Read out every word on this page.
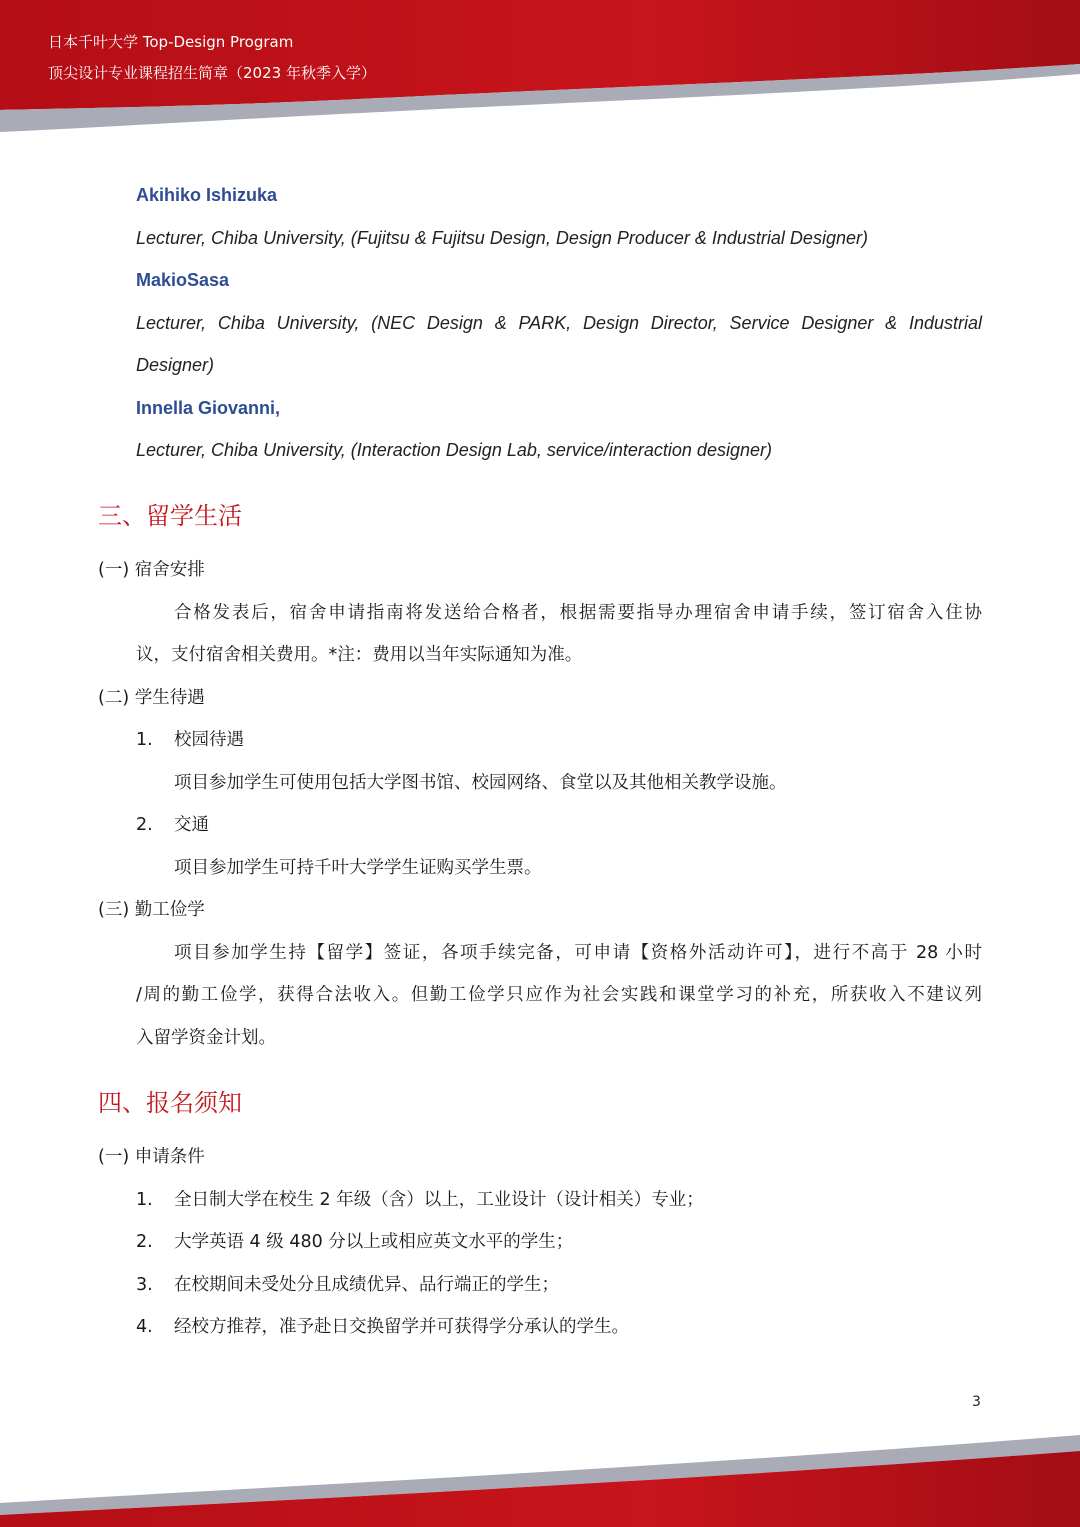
日本千叶大学 Top-Design Program
顶尖设计专业课程招生简章（2023 年秋季入学）
Akihiko Ishizuka
Lecturer, Chiba University, (Fujitsu & Fujitsu Design, Design Producer & Industrial Designer)
MakioSasa
Lecturer, Chiba University, (NEC Design & PARK, Design Director, Service Designer & Industrial
Designer)
Innella Giovanni,
Lecturer, Chiba University, (Interaction Design Lab, service/interaction designer)
三、留学生活
(一) 宿舍安排
合格发表后，宿舍申请指南将发送给合格者，根据需要指导办理宿舍申请手续，签订宿舍入住协
议，支付宿舍相关费用。*注：费用以当年实际通知为准。
(二) 学生待遇
1. 校园待遇
项目参加学生可使用包括大学图书馆、校园网络、食堂以及其他相关教学设施。
2. 交通
项目参加学生可持千叶大学学生证购买学生票。
(三) 勤工俭学
项目参加学生持【留学】签证，各项手续完备，可申请【资格外活动许可】，进行不高于 28 小时
/周的勤工俭学，获得合法收入。但勤工俭学只应作为社会实践和课堂学习的补充，所获收入不建议列
入留学资金计划。
四、报名须知
(一) 申请条件
1. 全日制大学在校生 2 年级（含）以上，工业设计（设计相关）专业；
2. 大学英语 4 级 480 分以上或相应英文水平的学生；
3. 在校期间未受处分且成绩优异、品行端正的学生；
4. 经校方推荐，准予赴日交换留学并可获得学分承认的学生。
3
